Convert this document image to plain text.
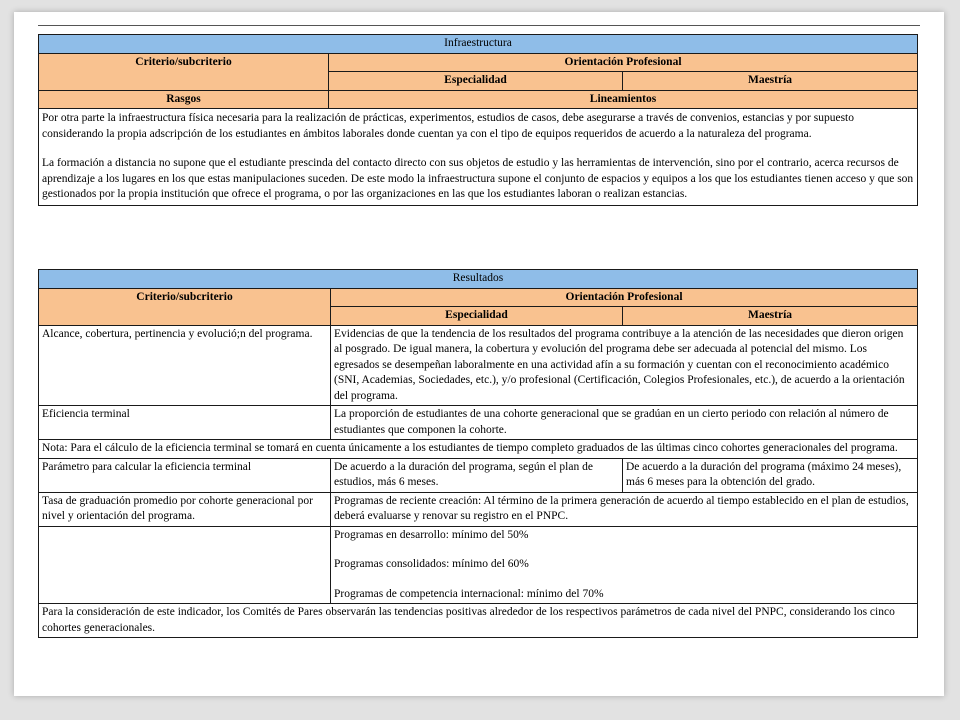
Infraestructura		
Criterio/subcriterio	Orientación Profesional	
	Especialidad	Maestría
Rasgos	Lineamientos	

Por otra parte la infraestructura física necesaria para la realización de prácticas, experimentos, estudios de casos, debe asegurarse a través de convenios, estancias y por supuesto considerando la propia adscripción de los estudiantes en ámbitos laborales donde cuentan ya con el tipo de equipos requeridos de acuerdo a la naturaleza del programa.

La formación a distancia no supone que el estudiante prescinda del contacto directo con sus objetos de estudio y las herramientas de intervención, sino por el contrario, acerca recursos de aprendizaje a los lugares en los que estas manipulaciones suceden. De este modo la infraestructura supone el conjunto de espacios y equipos a los que los estudiantes tienen acceso y que son gestionados por la propia institución que ofrece el programa, o por las organizaciones en las que los estudiantes laboran o realizan estancias.		

Resultados		
Criterio/subcriterio	Orientación Profesional	
	Especialidad	Maestría
Alcance, cobertura, pertinencia y evolució;n del programa.	Evidencias de que la tendencia de los resultados del programa contribuye a la atención de las necesidades que dieron origen al posgrado. De igual manera, la cobertura y evolución del programa debe ser adecuada al potencial del mismo. Los egresados se desempeñan laboralmente en una actividad afín a su formación y cuentan con el reconocimiento académico (SNI, Academias, Sociedades, etc.), y/o profesional (Certificación, Colegios Profesionales, etc.), de acuerdo a la orientación del programa.	
Eficiencia terminal	La proporción de estudiantes de una cohorte generacional que se gradúan en un cierto periodo con relación al número de estudiantes que componen la cohorte.	
Nota: Para el cálculo de la eficiencia terminal se tomará en cuenta únicamente a los estudiantes de tiempo completo graduados de las últimas cinco cohortes generacionales del programa.		
Parámetro para calcular la eficiencia terminal	De acuerdo a la duración del programa, según el plan de estudios, más 6 meses.	De acuerdo a la duración del programa (máximo 24 meses), más 6 meses para la obtención del grado.
Tasa de graduación promedio por cohorte generacional por nivel y orientación del programa.	Programas de reciente creación: Al término de la primera generación de acuerdo al tiempo establecido en el plan de estudios, deberá evaluarse y renovar su registro en el PNPC.	

	Programas en desarrollo: mínimo del 50%

Programas consolidados: mínimo del 60%

Programas de competencia internacional: mínimo del 70%	

Para la consideración de este indicador, los Comités de Pares observarán las tendencias positivas alrededor de los respectivos parámetros de cada nivel del PNPC, considerando los cinco cohortes generacionales.		
